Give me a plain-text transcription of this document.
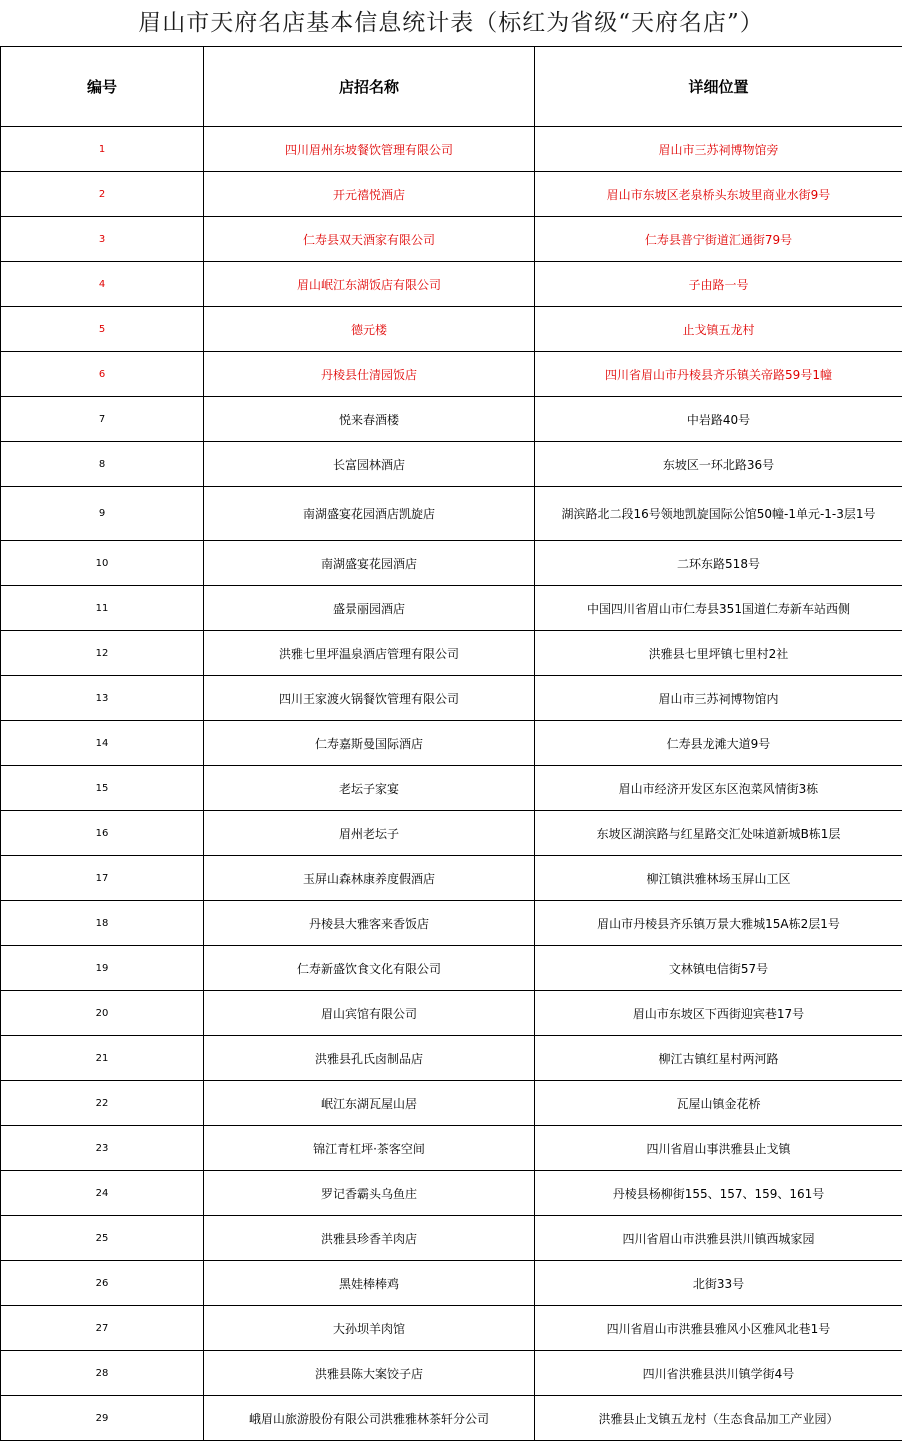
眉山市天府名店基本信息统计表（标红为省级“天府名店”）
编号	店招名称	详细位置
1	四川眉州东坡餐饮管理有限公司	眉山市三苏祠博物馆旁
2	开元禧悦酒店	眉山市东坡区老泉桥头东坡里商业水街9号
3	仁寿县双天酒家有限公司	仁寿县普宁街道汇通街79号
4	眉山岷江东湖饭店有限公司	子由路一号
5	德元楼	止戈镇五龙村
6	丹棱县仕清园饭店	四川省眉山市丹棱县齐乐镇关帝路59号1幢
7	悦来春酒楼	中岩路40号
8	长富园林酒店	东坡区一环北路36号
9	南湖盛宴花园酒店凯旋店	湖滨路北二段16号领地凯旋国际公馆50幢-1单元-1-3层1号
10	南湖盛宴花园酒店	二环东路518号
11	盛景丽园酒店	中国四川省眉山市仁寿县351国道仁寿新车站西侧
12	洪雅七里坪温泉酒店管理有限公司	洪雅县七里坪镇七里村2社
13	四川王家渡火锅餐饮管理有限公司	眉山市三苏祠博物馆内
14	仁寿嘉斯曼国际酒店	仁寿县龙滩大道9号
15	老坛子家宴	眉山市经济开发区东区泡菜风情街3栋
16	眉州老坛子	东坡区湖滨路与红星路交汇处味道新城B栋1层
17	玉屏山森林康养度假酒店	柳江镇洪雅林场玉屏山工区
18	丹棱县大雅客来香饭店	眉山市丹棱县齐乐镇万景大雅城15A栋2层1号
19	仁寿新盛饮食文化有限公司	文林镇电信街57号
20	眉山宾馆有限公司	眉山市东坡区下西街迎宾巷17号
21	洪雅县孔氏卤制品店	柳江古镇红星村两河路
22	岷江东湖瓦屋山居	瓦屋山镇金花桥
23	锦江青杠坪·茶客空间	四川省眉山事洪雅县止戈镇
24	罗记香霸头乌鱼庄	丹棱县杨柳街155、157、159、161号
25	洪雅县珍香羊肉店	四川省眉山市洪雅县洪川镇西城家园
26	黑娃棒棒鸡	北街33号
27	大孙坝羊肉馆	四川省眉山市洪雅县雅风小区雅风北巷1号
28	洪雅县陈大案饺子店	四川省洪雅县洪川镇学街4号
29	峨眉山旅游股份有限公司洪雅雅林茶轩分公司	洪雅县止戈镇五龙村（生态食品加工产业园）
